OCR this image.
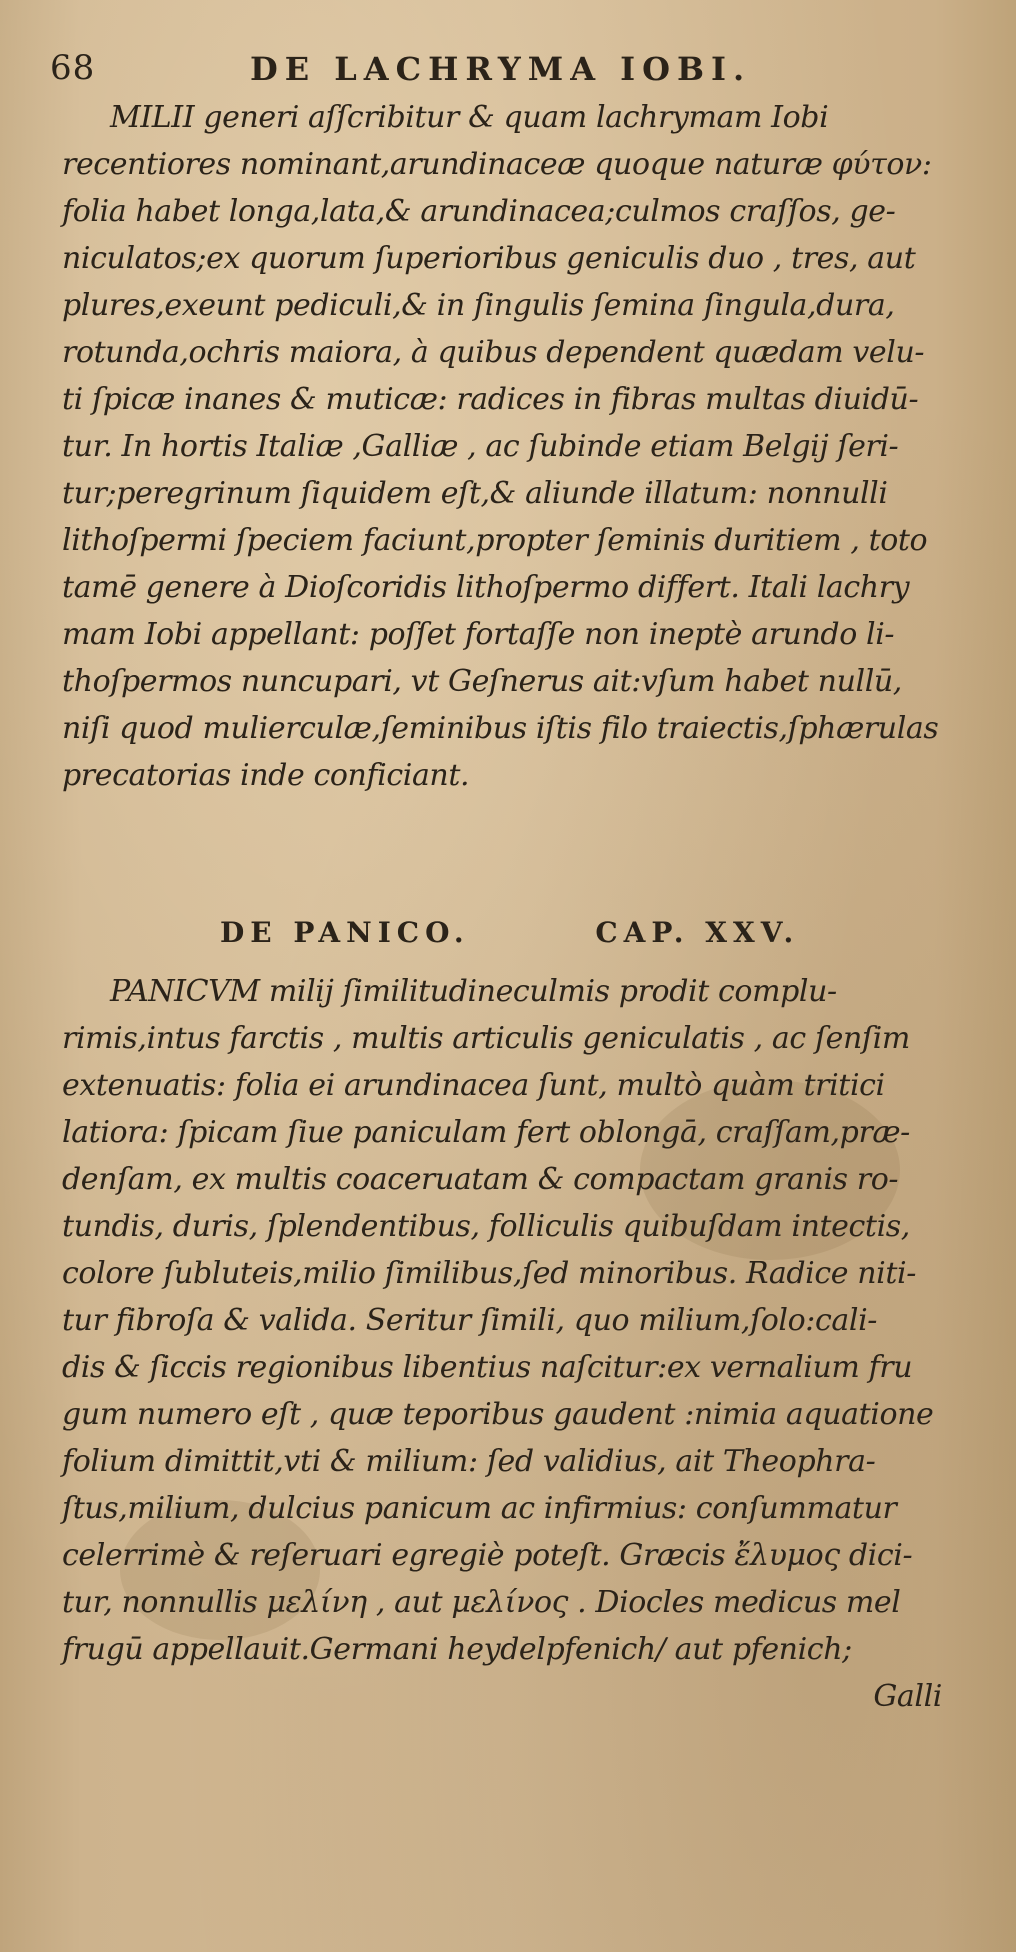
68	DE LACHRYMA IOBI.
MILII generi aſſcribitur & quam lachrymam Iobi
recentiores nominant,arundinaceæ quoque naturæ φύτον:
folia habet longa,lata,& arundinacea;culmos craſſos, ge-
niculatos;ex quorum ſuperioribus geniculis duo , tres, aut
plures,exeunt pediculi,& in ſingulis ſemina ſingula,dura,
rotunda,ochris maiora, à quibus dependent quædam velu-
ti ſpicæ inanes & muticæ: radices in fibras multas diuidū-
tur. In hortis Italiæ ,Galliæ , ac ſubinde etiam Belgij ſeri-
tur;peregrinum ſiquidem eſt,& aliunde illatum: nonnulli
lithoſpermi ſpeciem faciunt,propter ſeminis duritiem , toto
tamē genere à Dioſcoridis lithoſpermo differt. Itali lachry
mam Iobi appellant: poſſet fortaſſe non ineptè arundo li-
thoſpermos nuncupari, vt Geſnerus ait:vſum habet nullū,
niſi quod mulierculæ,ſeminibus iſtis filo traiectis,ſphærulas
precatorias inde conficiant.
DE PANICO.	CAP. XXV.
PANICVM milij ſimilitudineculmis prodit complu-
rimis,intus farctis , multis articulis geniculatis , ac ſenſim
extenuatis: folia ei arundinacea ſunt, multò quàm tritici
latiora: ſpicam ſiue paniculam fert oblongā, craſſam,præ-
denſam, ex multis coaceruatam & compactam granis ro-
tundis, duris, ſplendentibus, folliculis quibuſdam intectis,
colore ſubluteis,milio ſimilibus,ſed minoribus. Radice niti-
tur fibroſa & valida. Seritur ſimili, quo milium,ſolo:cali-
dis & ſiccis regionibus libentius naſcitur:ex vernalium fru
gum numero eſt , quæ teporibus gaudent :nimia aquatione
folium dimittit,vti & milium: ſed validius, ait Theophra-
ſtus,milium, dulcius panicum ac infirmius: conſummatur
celerrimè & reſeruari egregiè poteſt. Græcis ἔλυμος dici-
tur, nonnullis μελίνη , aut μελίνος . Diocles medicus mel
frugū appellauit.Germani heydelpfenich/ aut pfenich;
Galli
